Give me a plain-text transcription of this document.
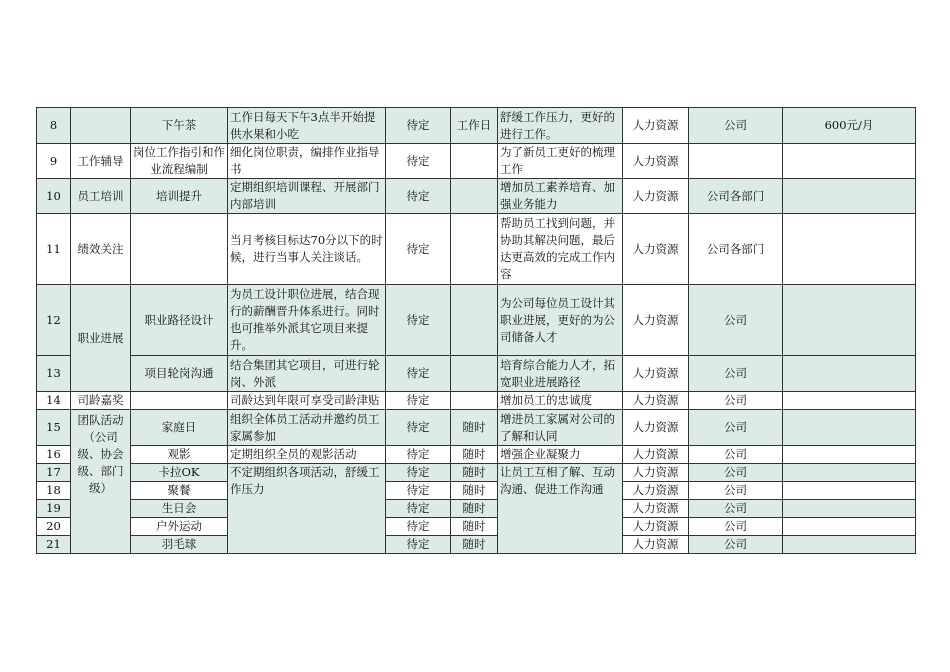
8		下午茶	工作日每天下午3点半开始提供水果和小吃	待定	工作日	舒缓工作压力，更好的进行工作。	人力资源	公司	600元/月
9	工作辅导	岗位工作指引和作业流程编制	细化岗位职责，编排作业指导书	待定		为了新员工更好的梳理工作	人力资源		
10	员工培训	培训提升	定期组织培训课程、开展部门内部培训	待定		增加员工素养培育、加强业务能力	人力资源	公司各部门	
11	绩效关注		当月考核目标达70分以下的时候，进行当事人关注谈话。	待定		帮助员工找到问题，并协助其解决问题，最后达更高效的完成工作内容	人力资源	公司各部门	
12	职业进展	职业路径设计	为员工设计职位进展，结合现行的薪酬晋升体系进行。同时也可推举外派其它项目来提升。	待定		为公司每位员工设计其职业进展，更好的为公司储备人才	人力资源	公司	
13		项目轮岗沟通	结合集团其它项目，可进行轮岗、外派	待定		培育综合能力人才，拓宽职业进展路径	人力资源	公司	
14	司龄嘉奖		司龄达到年限可享受司龄津贴	待定		增加员工的忠诚度	人力资源	公司	
15	团队活动（公司级、协会级、部门级）	家庭日	组织全体员工活动并邀约员工家属参加	待定	随时	增进员工家属对公司的了解和认同	人力资源	公司	
16		观影	定期组织全员的观影活动	待定	随时	增强企业凝聚力	人力资源	公司	
17		卡拉OK	不定期组织各项活动，舒缓工作压力	待定	随时	让员工互相了解、互动沟通、促进工作沟通	人力资源	公司	
18		聚餐		待定	随时		人力资源	公司	
19		生日会		待定	随时		人力资源	公司	
20		户外运动		待定	随时		人力资源	公司	
21		羽毛球		待定	随时		人力资源	公司	
